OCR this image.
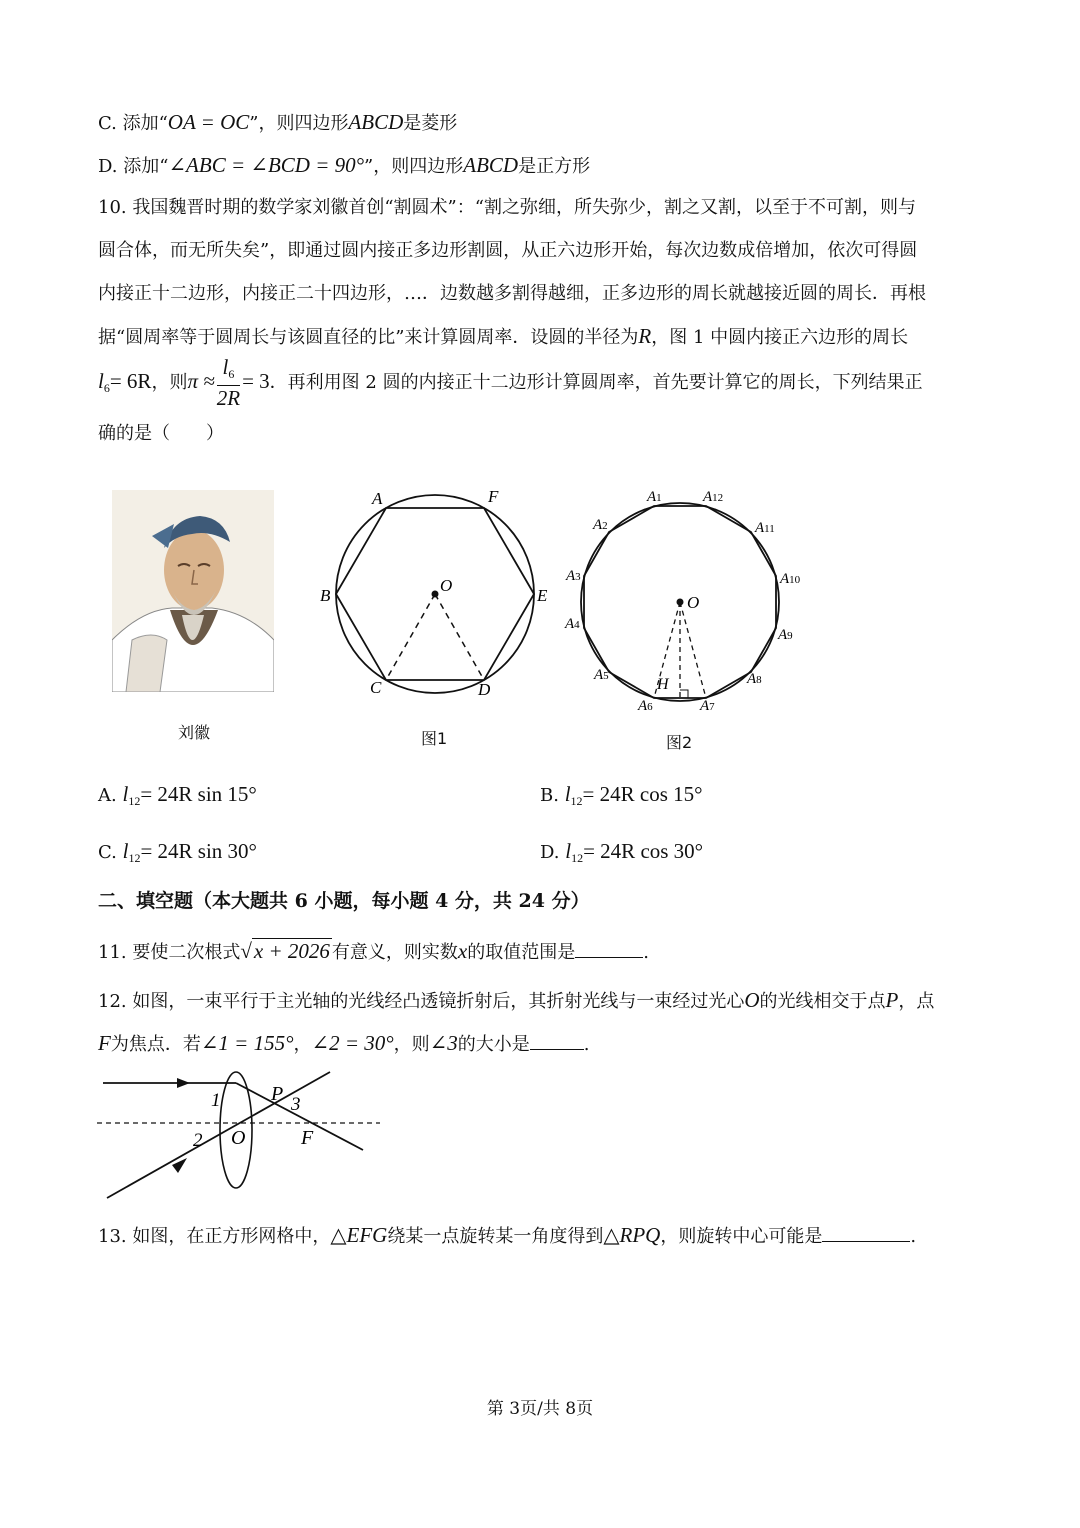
C. 添加“OA = OC”，则四边形ABCD是菱形
D. 添加“∠ABC = ∠BCD = 90°”，则四边形ABCD是正方形
10. 我国魏晋时期的数学家刘徽首创“割圆术”：“割之弥细，所失弥少，割之又割，以至于不可割，则与
圆合体，而无所失矣”，即通过圆内接正多边形割圆，从正六边形开始，每次边数成倍增加，依次可得圆
内接正十二边形，内接正二十四边形，…．边数越多割得越细，正多边形的周长就越接近圆的周长．再根
据“圆周率等于圆周长与该圆直径的比”来计算圆周率．设圆的半径为R，图 1 中圆内接正六边形的周长
$l_6= 6R$，则$\pi \approx \frac{l_6}{2R} = 3$．再利用图 2 圆的内接正十二边形计算圆周率，首先要计算它的周长，下列结果正
确的是（　　）
刘徽
A	F
B	E
C	D
O
图1
O
H
A1	A12
A2	A11
A3	A10
A4
A9
A5	A8
A6	A7
图2
A. $l_{12}= 24R$ sin 15°	B. $l_{12}= 24R$ cos 15°
C. $l_{12}= 24R$ sin 30°	D. $l_{12}= 24R$ cos 30°
二、填空题（本大题共 6 小题，每小题 4 分，共 24 分）
11. 要使二次根式√x + 2026 有意义，则实数x的取值范围是	.
12. 如图，一束平行于主光轴的光线经凸透镜折射后，其折射光线与一束经过光心O的光线相交于点P，点
F为焦点．若∠1 = 155°，∠2 = 30°，则∠3的大小是	.
1
2
3
P
O	F
13. 如图，在正方形网格中，△EFG绕某一点旋转某一角度得到△RPQ，则旋转中心可能是	.
第 3页/共 8页
